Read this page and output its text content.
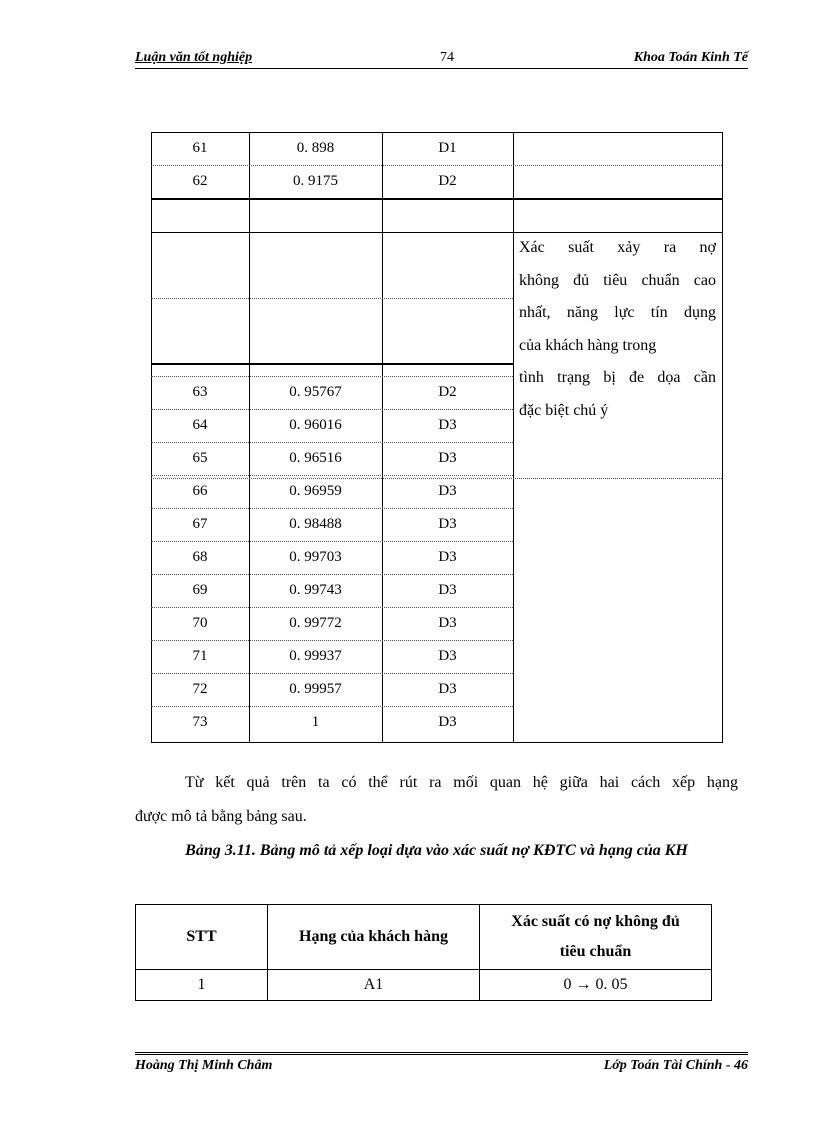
Luận văn tốt nghiệp	74	Khoa Toán Kinh Tế
Xác suất xảy ra nợ
không đủ tiêu chuẩn cao
nhất, năng lực tín dụng
của khách hàng trong
tình trạng bị đe dọa cần
đặc biệt chú ý
61	0. 898	D1
62	0. 9175	D2
63	0. 95767	D2
64	0. 96016	D3
65	0. 96516	D3
66	0. 96959	D3
67	0. 98488	D3
68	0. 99703	D3
69	0. 99743	D3
70	0. 99772	D3
71	0. 99937	D3
72	0. 99957	D3
73	1	D3
Từ kết quả trên ta có thể rút ra mối quan hệ giữa hai cách xếp hạng
được mô tả bằng bảng sau.
Bảng 3.11. Bảng mô tả xếp loại dựa vào xác suất nợ KĐTC và hạng của KH
STT	Hạng của khách hàng	Xác suất có nợ không đủ
tiêu chuẩn

1	A1	0 → 0. 05
Hoàng Thị Minh Châm	Lớp Toán Tài Chính - 46
